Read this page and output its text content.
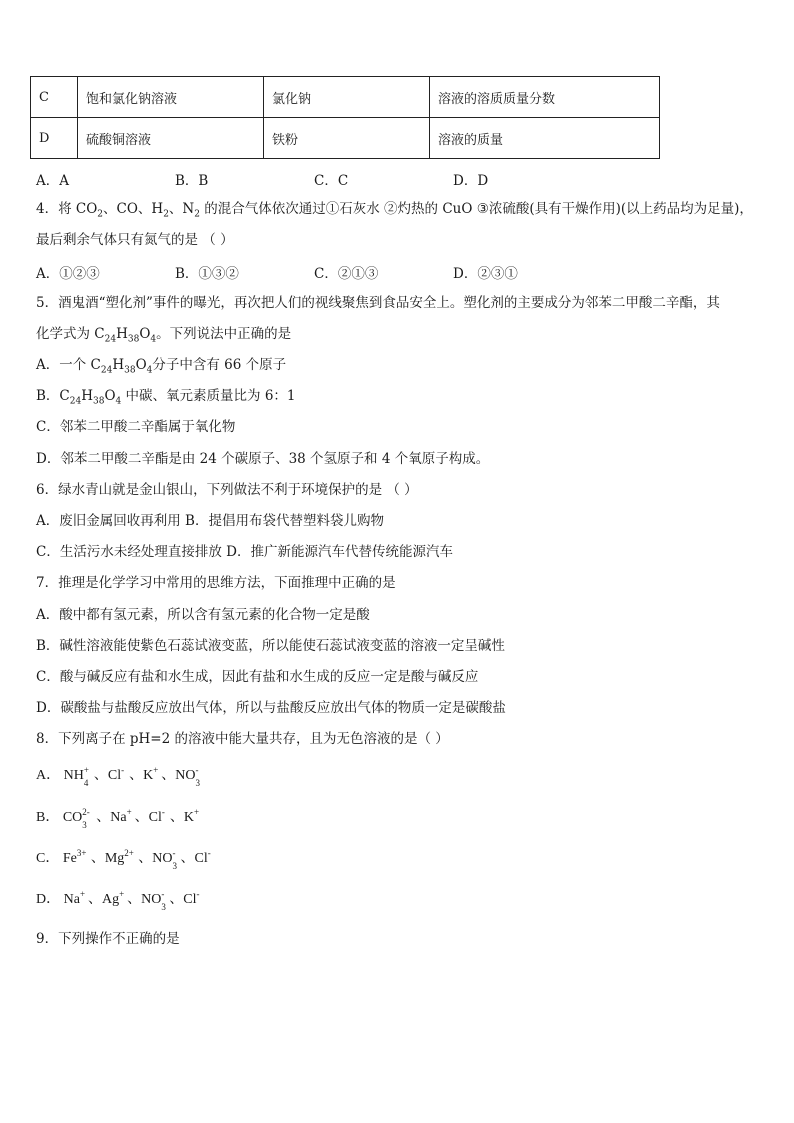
C	饱和氯化钠溶液	氯化钠	溶液的溶质质量分数
D	硫酸铜溶液	铁粉	溶液的质量
A．A	B．B	C．C	D．D
4．将 $CO_2$、CO、$H_2$、$N_2$ 的混合气体依次通过①石灰水 ②灼热的 CuO ③浓硫酸(具有干燥作用)(以上药品均为足量)，
最后剩余气体只有氮气的是 （ ）
A．①②③	B．①③②	C．②①③	D．②③①
5．酒鬼酒“塑化剂”事件的曝光，再次把人们的视线聚焦到食品安全上。塑化剂的主要成分为邻苯二甲酸二辛酯，其
化学式为 $C_{24}H_{38}O_4$。下列说法中正确的是
A．一个 $C_{24}H_{38}O_4$分子中含有 66 个原子
B．$C_{24}H_{38}O_4$ 中碳、氧元素质量比为 6：1
C．邻苯二甲酸二辛酯属于氧化物
D．邻苯二甲酸二辛酯是由 24 个碳原子、38 个氢原子和 4 个氧原子构成。
6．绿水青山就是金山银山，下列做法不利于环境保护的是 （ ）
A．废旧金属回收再利用 B．提倡用布袋代替塑料袋儿购物
C．生活污水未经处理直接排放 D．推广新能源汽车代替传统能源汽车
7．推理是化学学习中常用的思维方法，下面推理中正确的是
A．酸中都有氢元素，所以含有氢元素的化合物一定是酸
B．碱性溶液能使紫色石蕊试液变蓝，所以能使石蕊试液变蓝的溶液一定呈碱性
C．酸与碱反应有盐和水生成，因此有盐和水生成的反应一定是酸与碱反应
D．碳酸盐与盐酸反应放出气体，所以与盐酸反应放出气体的物质一定是碳酸盐
8．下列离子在 pH=2 的溶液中能大量共存，且为无色溶液的是（ ）
A． NH +
4 、Cl - 、K + 、NO -
3
B． CO 2-
3 、Na + 、Cl - 、K +
C． Fe 3+ 、Mg 2+ 、NO -
3 、Cl -
D． Na + 、Ag + 、NO -
3 、Cl -
9．下列操作不正确的是
